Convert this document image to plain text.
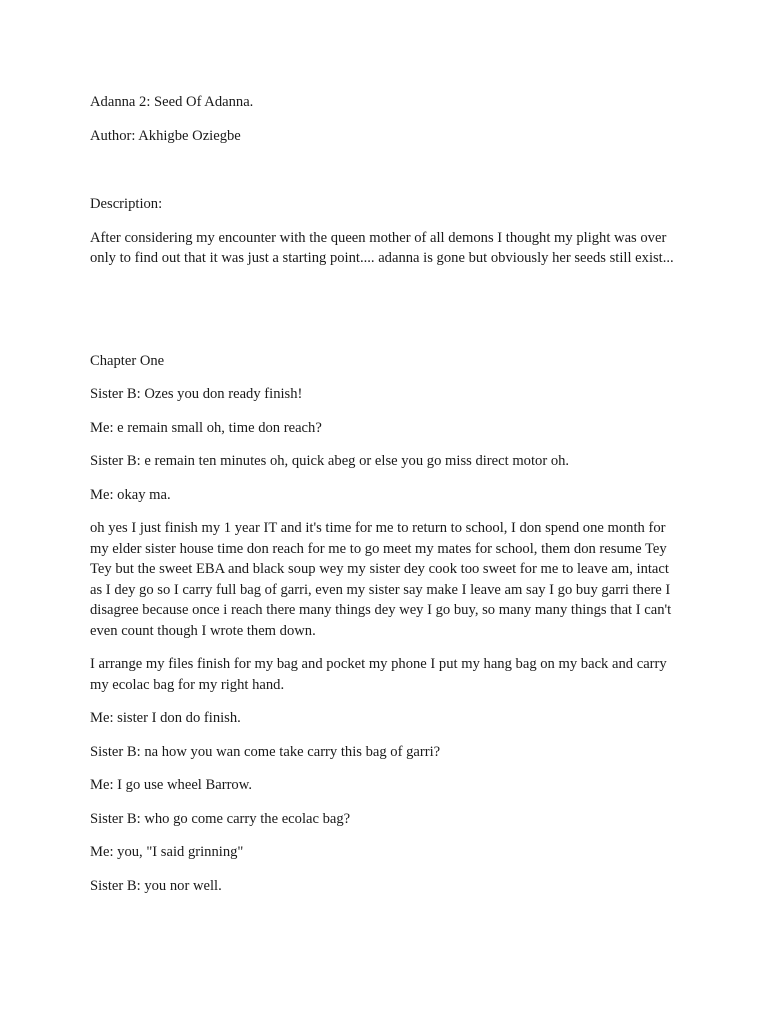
Adanna 2: Seed Of Adanna.

Author: Akhigbe Oziegbe

Description:

After considering my encounter with the queen mother of all demons I thought my plight was over only to find out that it was just a starting point.... adanna is gone but obviously her seeds still exist...

Chapter One

Sister B: Ozes you don ready finish!

Me: e remain small oh, time don reach?

Sister B: e remain ten minutes oh, quick abeg or else you go miss direct motor oh.

Me: okay ma.

oh yes I just finish my 1 year IT and it's time for me to return to school, I don spend one month for my elder sister house time don reach for me to go meet my mates for school, them don resume Tey Tey but the sweet EBA and black soup wey my sister dey cook too sweet for me to leave am, intact as I dey go so I carry full bag of garri, even my sister say make I leave am say I go buy garri there I disagree because once i reach there many things dey wey I go buy, so many many things that I can't even count though I wrote them down.

I arrange my files finish for my bag and pocket my phone I put my hang bag on my back and carry my ecolac bag for my right hand.

Me: sister I don do finish.

Sister B: na how you wan come take carry this bag of garri?

Me: I go use wheel Barrow.

Sister B: who go come carry the ecolac bag?

Me: you, "I said grinning"

Sister B: you nor well.
